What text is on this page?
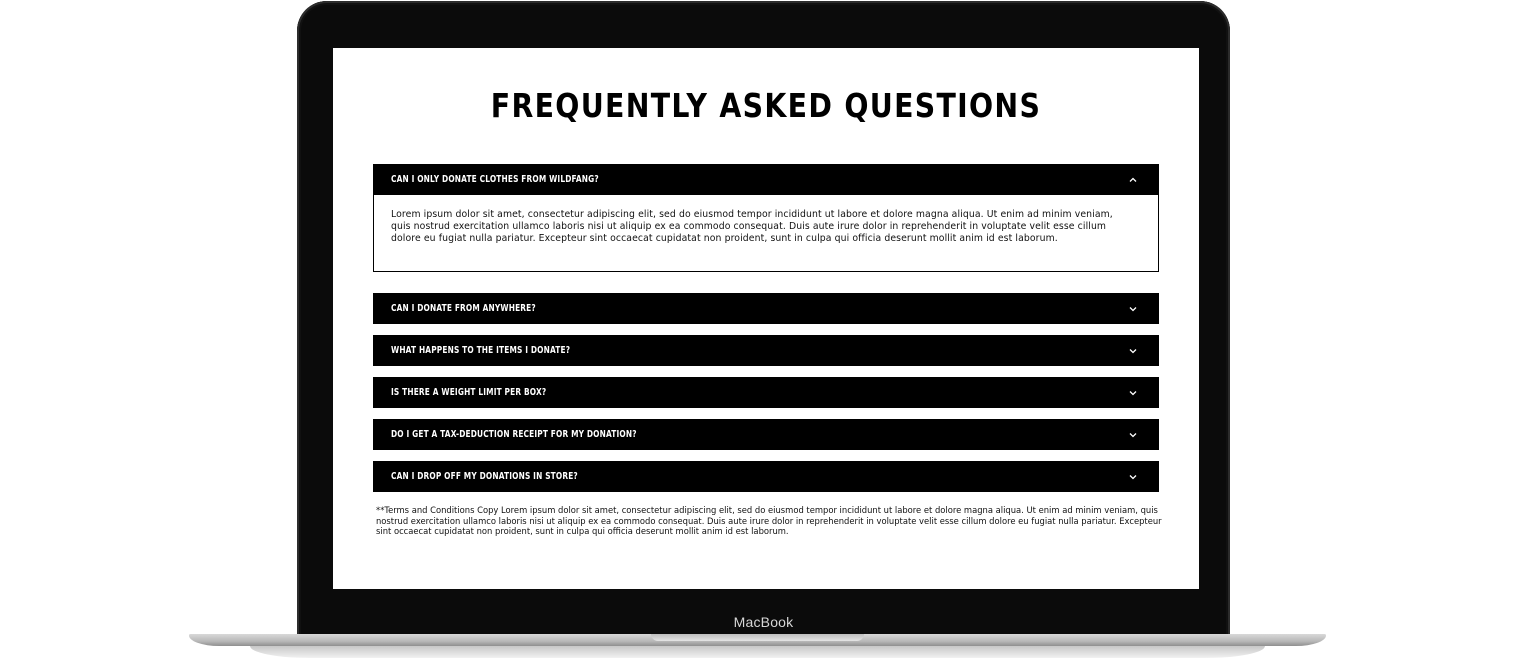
MacBook
FREQUENTLY ASKED QUESTIONS
CAN I ONLY DONATE CLOTHES FROM WILDFANG?
Lorem ipsum dolor sit amet, consectetur adipiscing elit, sed do eiusmod tempor incididunt ut labore et dolore magna aliqua. Ut enim ad minim veniam, quis nostrud exercitation ullamco laboris nisi ut aliquip ex ea commodo consequat. Duis aute irure dolor in reprehenderit in voluptate velit esse cillum dolore eu fugiat nulla pariatur. Excepteur sint occaecat cupidatat non proident, sunt in culpa qui officia deserunt mollit anim id est laborum.
CAN I DONATE FROM ANYWHERE?
WHAT HAPPENS TO THE ITEMS I DONATE?
IS THERE A WEIGHT LIMIT PER BOX?
DO I GET A TAX-DEDUCTION RECEIPT FOR MY DONATION?
CAN I DROP OFF MY DONATIONS IN STORE?
**Terms and Conditions Copy Lorem ipsum dolor sit amet, consectetur adipiscing elit, sed do eiusmod tempor incididunt ut labore et dolore magna aliqua. Ut enim ad minim veniam, quis nostrud exercitation ullamco laboris nisi ut aliquip ex ea commodo consequat. Duis aute irure dolor in reprehenderit in voluptate velit esse cillum dolore eu fugiat nulla pariatur. Excepteur sint occaecat cupidatat non proident, sunt in culpa qui officia deserunt mollit anim id est laborum.
